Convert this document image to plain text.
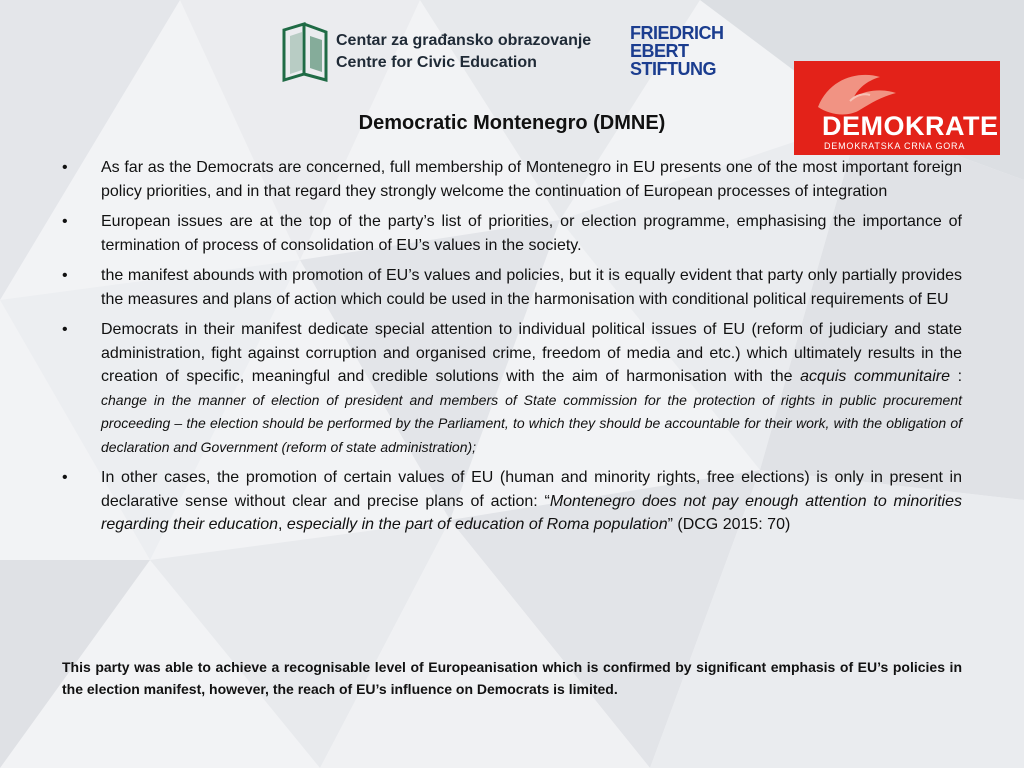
Centar za građansko obrazovanje
Centre for Civic Education
FRIEDRICH
EBERT
STIFTUNG
DEMOKRATE
DEMOKRATSKA CRNA GORA
Democratic Montenegro (DMNE)
• As far as the Democrats are concerned, full membership of Montenegro in EU presents one of the most important foreign policy priorities, and in that regard they strongly welcome the continuation of European processes of integration
• European issues are at the top of the party’s list of priorities, or election programme, emphasising the importance of termination of process of consolidation of EU’s values in the society.
• the manifest abounds with promotion of EU’s values and policies, but it is equally evident that party only partially provides the measures and plans of action which could be used in the harmonisation with conditional political requirements of EU
• Democrats in their manifest dedicate special attention to individual political issues of EU (reform of judiciary and state administration, fight against corruption and organised crime, freedom of media and etc.) which ultimately results in the creation of specific, meaningful and credible solutions with the aim of harmonisation with the acquis communitaire : change in the manner of election of president and members of State commission for the protection of rights in public procurement proceeding – the election should be performed by the Parliament, to which they should be accountable for their work, with the obligation of declaration and Government (reform of state administration);
• In other cases, the promotion of certain values of EU (human and minority rights, free elections) is only in present in declarative sense without clear and precise plans of action: “Montenegro does not pay enough attention to minorities regarding their education, especially in the part of education of Roma population” (DCG 2015: 70)
This party was able to achieve a recognisable level of Europeanisation which is confirmed by significant emphasis of EU’s policies in the election manifest, however, the reach of EU’s influence on Democrats is limited.
